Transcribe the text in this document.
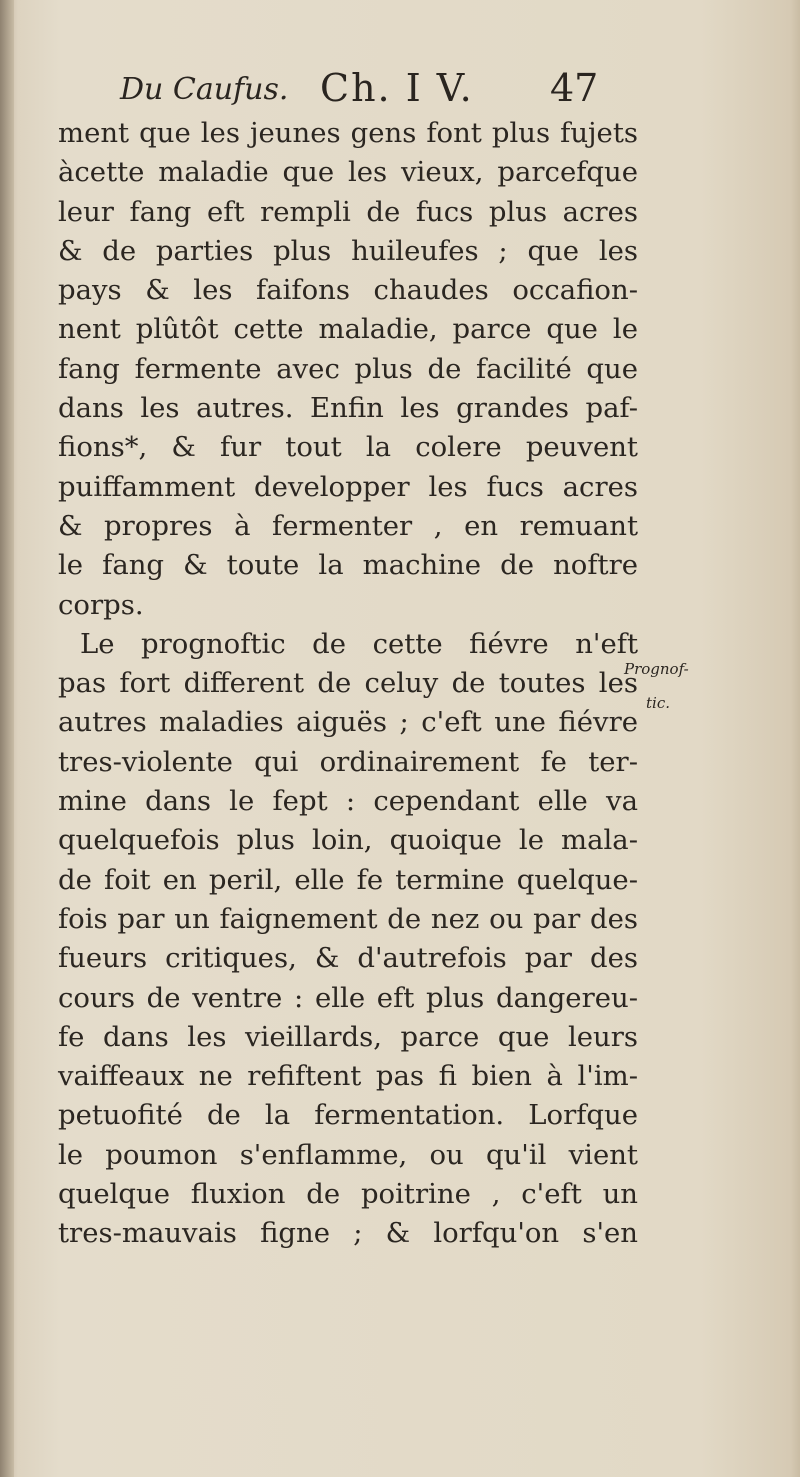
Du Caufus. Ch. I V. 47
ment que les jeunes gens font plus fujets
àcette maladie que les vieux, parcefque
leur fang eft rempli de fucs plus acres
& de parties plus huileufes ; que les
pays & les faifons chaudes occafion-
nent plûtôt cette maladie, parce que le
fang fermente avec plus de facilité que
dans les autres. Enfin les grandes paf-
fions*, & fur tout la colere peuvent
puiffamment developper les fucs acres
& propres à fermenter , en remuant
le fang & toute la machine de noftre
corps.
Le prognoftic de cette fiévre n'eft
pas fort different de celuy de toutes les
autres maladies aiguës ; c'eft une fiévre
tres-violente qui ordinairement fe ter-
mine dans le fept : cependant elle va
quelquefois plus loin, quoique le mala-
de foit en peril, elle fe termine quelque-
fois par un faignement de nez ou par des
fueurs critiques, & d'autrefois par des
cours de ventre : elle eft plus dangereu-
fe dans les vieillards, parce que leurs
vaiffeaux ne refiftent pas fi bien à l'im-
petuofité de la fermentation. Lorfque
le poumon s'enflamme, ou qu'il vient
quelque fluxion de poitrine , c'eft un
tres-mauvais figne ; & lorfqu'on s'en
Prognof-
tic.
